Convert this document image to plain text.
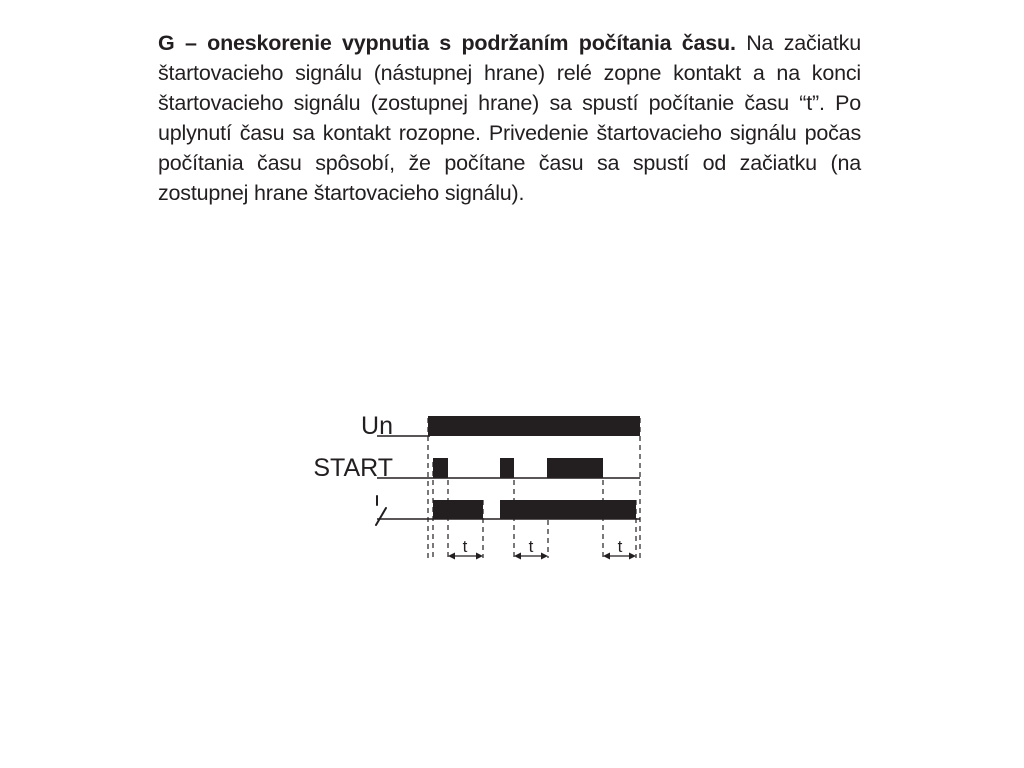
G – oneskorenie vypnutia s podržaním počítania času. Na začiatku štartovacieho signálu (nástupnej hrane) relé zopne kontakt a na konci štartovacieho signálu (zostupnej hrane) sa spustí počítanie času “t”. Po uplynutí času sa kontakt rozopne. Privedenie štartovacieho signálu počas počítania času spôsobí, že počítane času sa spustí od začiatku (na zostupnej hrane štartovacieho signálu).

Un
START
t	t	t
